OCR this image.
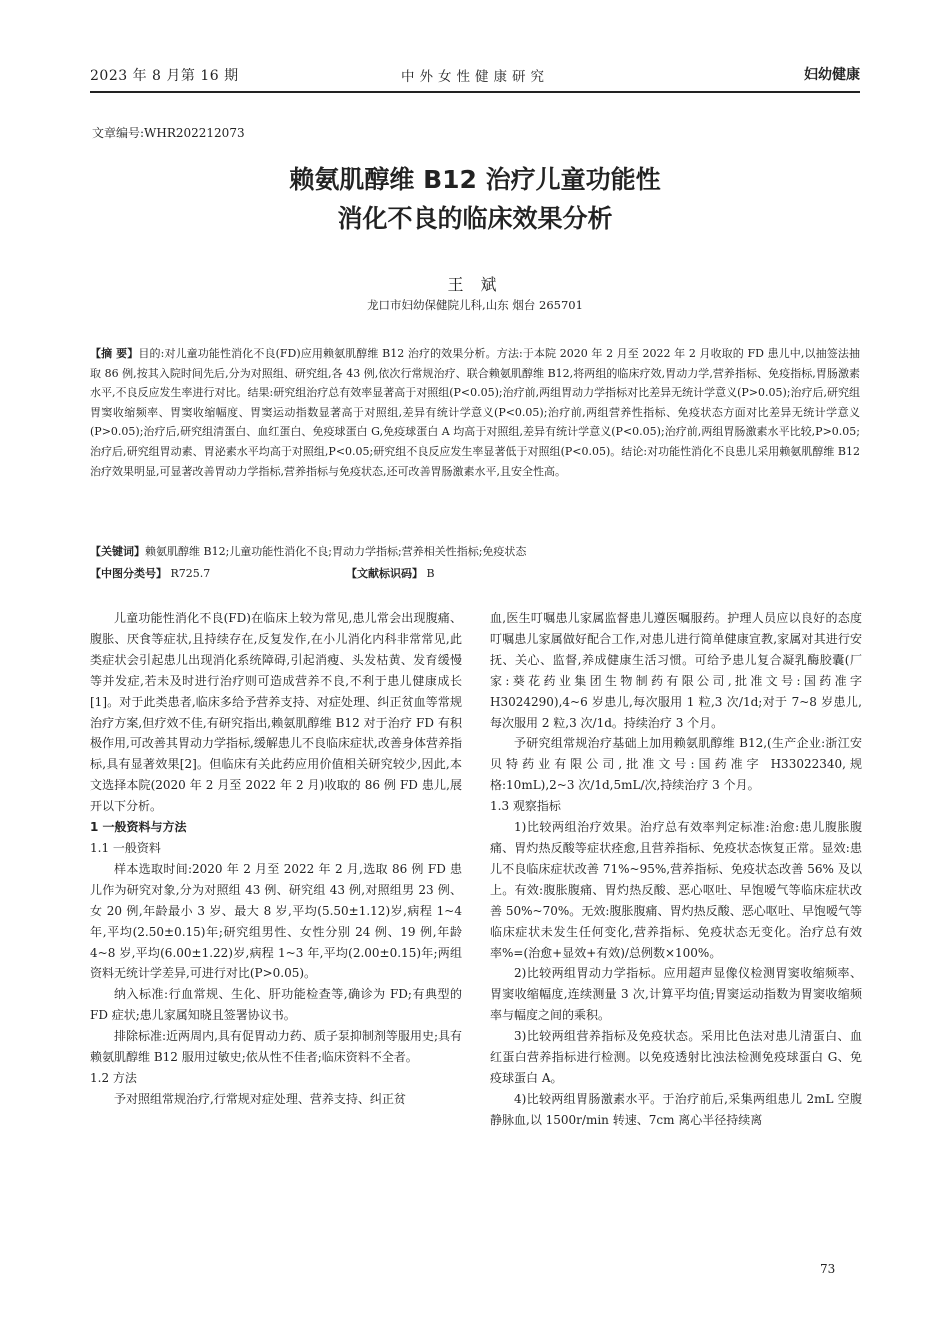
2023 年 8 月第 16 期	中外女性健康研究	妇幼健康
文章编号:WHR202212073
赖氨肌醇维 B12 治疗儿童功能性
消化不良的临床效果分析
王 斌
龙口市妇幼保健院儿科,山东 烟台 265701

【摘 要】目的:对儿童功能性消化不良(FD)应用赖氨肌醇维 B12 治疗的效果分析。方法:于本院 2020 年 2 月至 2022 年 2 月收取的 FD 患儿中,以抽签法抽取 86 例,按其入院时间先后,分为对照组、研究组,各 43 例,依次行常规治疗、联合赖氨肌醇维 B12,将两组的临床疗效,胃动力学,营养指标、免疫指标,胃肠激素水平,不良反应发生率进行对比。结果:研究组治疗总有效率显著高于对照组(P<0.05);治疗前,两组胃动力学指标对比差异无统计学意义(P>0.05);治疗后,研究组胃窦收缩频率、胃窦收缩幅度、胃窦运动指数显著高于对照组,差异有统计学意义(P<0.05);治疗前,两组营养性指标、免疫状态方面对比差异无统计学意义(P>0.05);治疗后,研究组清蛋白、血红蛋白、免疫球蛋白 G,免疫球蛋白 A 均高于对照组,差异有统计学意义(P<0.05);治疗前,两组胃肠激素水平比较,P>0.05;治疗后,研究组胃动素、胃泌素水平均高于对照组,P<0.05;研究组不良反应发生率显著低于对照组(P<0.05)。结论:对功能性消化不良患儿采用赖氨肌醇维 B12 治疗效果明显,可显著改善胃动力学指标,营养指标与免疫状态,还可改善胃肠激素水平,且安全性高。

【关键词】赖氨肌醇维 B12;儿童功能性消化不良;胃动力学指标;营养相关性指标;免疫状态
【中图分类号】 R725.7	【文献标识码】 B

儿童功能性消化不良(FD)在临床上较为常见,患儿常会出现腹痛、腹胀、厌食等症状,且持续存在,反复发作,在小儿消化内科非常常见,此类症状会引起患儿出现消化系统障碍,引起消瘦、头发枯黄、发育缓慢等并发症,若未及时进行治疗则可造成营养不良,不利于患儿健康成长[1]。对于此类患者,临床多给予营养支持、对症处理、纠正贫血等常规治疗方案,但疗效不佳,有研究指出,赖氨肌醇维 B12 对于治疗 FD 有积极作用,可改善其胃动力学指标,缓解患儿不良临床症状,改善身体营养指标,具有显著效果[2]。但临床有关此药应用价值相关研究较少,因此,本文选择本院(2020 年 2 月至 2022 年 2 月)收取的 86 例 FD 患儿,展开以下分析。

1 一般资料与方法

1.1 一般资料

样本选取时间:2020 年 2 月至 2022 年 2 月,选取 86 例 FD 患儿作为研究对象,分为对照组 43 例、研究组 43 例,对照组男 23 例、女 20 例,年龄最小 3 岁、最大 8 岁,平均(5.50±1.12)岁,病程 1~4 年,平均(2.50±0.15)年;研究组男性、女性分别 24 例、19 例,年龄 4~8 岁,平均(6.00±1.22)岁,病程 1~3 年,平均(2.00±0.15)年;两组资料无统计学差异,可进行对比(P>0.05)。

纳入标准:行血常规、生化、肝功能检查等,确诊为 FD;有典型的 FD 症状;患儿家属知晓且签署协议书。

排除标准:近两周内,具有促胃动力药、质子泵抑制剂等服用史;具有赖氨肌醇维 B12 服用过敏史;依从性不佳者;临床资料不全者。

1.2 方法

予对照组常规治疗,行常规对症处理、营养支持、纠正贫

血,医生叮嘱患儿家属监督患儿遵医嘱服药。护理人员应以良好的态度叮嘱患儿家属做好配合工作,对患儿进行简单健康宣教,家属对其进行安抚、关心、监督,养成健康生活习惯。可给予患儿复合凝乳酶胶囊(厂家:葵花药业集团生物制药有限公司,批准文号:国药准字 H3024290),4~6 岁患儿,每次服用 1 粒,3 次/1d;对于 7~8 岁患儿,每次服用 2 粒,3 次/1d。持续治疗 3 个月。

予研究组常规治疗基础上加用赖氨肌醇维 B12,(生产企业:浙江安贝特药业有限公司,批准文号:国药准字 H33022340,规格:10mL),2~3 次/1d,5mL/次,持续治疗 3 个月。

1.3 观察指标

1)比较两组治疗效果。治疗总有效率判定标准:治愈:患儿腹胀腹痛、胃灼热反酸等症状痊愈,且营养指标、免疫状态恢复正常。显效:患儿不良临床症状改善 71%~95%,营养指标、免疫状态改善 56% 及以上。有效:腹胀腹痛、胃灼热反酸、恶心呕吐、早饱嗳气等临床症状改善 50%~70%。无效:腹胀腹痛、胃灼热反酸、恶心呕吐、早饱嗳气等临床症状未发生任何变化,营养指标、免疫状态无变化。治疗总有效率%=(治愈+显效+有效)/总例数×100%。

2)比较两组胃动力学指标。应用超声显像仪检测胃窦收缩频率、胃窦收缩幅度,连续测量 3 次,计算平均值;胃窦运动指数为胃窦收缩频率与幅度之间的乘积。

3)比较两组营养指标及免疫状态。采用比色法对患儿清蛋白、血红蛋白营养指标进行检测。以免疫透射比浊法检测免疫球蛋白 G、免疫球蛋白 A。

4)比较两组胃肠激素水平。于治疗前后,采集两组患儿 2mL 空腹静脉血,以 1500r/min 转速、7cm 离心半径持续离

73
